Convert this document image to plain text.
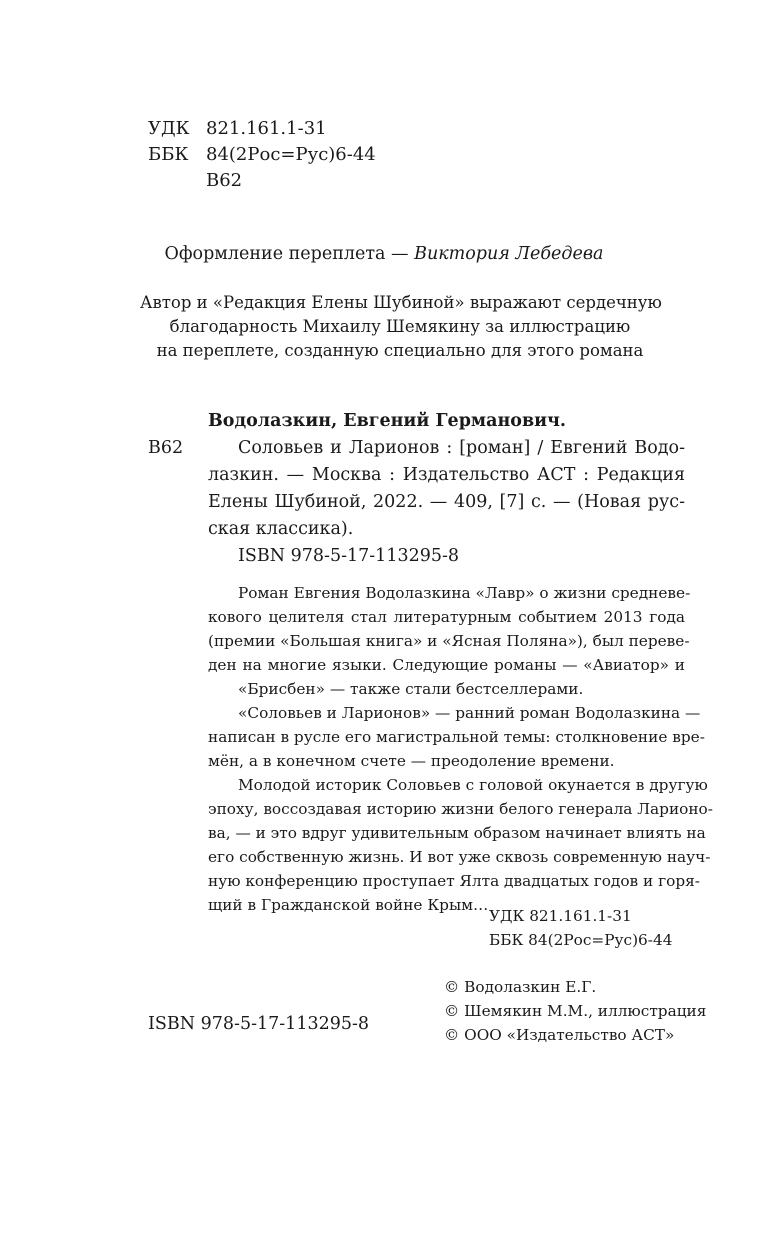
УДК 821.161.1-31
ББК 84(2Рос=Рус)6-44
В62
Оформление переплета — Виктория Лебедева
Автор и «Редакция Елены Шубиной» выражают сердечную
благодарность Михаилу Шемякину за иллюстрацию
на переплете, созданную специально для этого романа
Водолазкин, Евгений Германович.
В62	Соловьев и Ларионов : [роман] / Евгений Водо-
лазкин. — Москва : Издательство АСТ : Редакция
Елены Шубиной, 2022. — 409, [7] с. — (Новая рус-
ская классика).
ISBN 978-5-17-113295-8
Роман Евгения Водолазкина «Лавр» о жизни средневе-
кового целителя стал литературным событием 2013 года
(премии «Большая книга» и «Ясная Поляна»), был переве-
ден на многие языки. Следующие романы — «Авиатор» и
«Брисбен» — также стали бестселлерами.
«Соловьев и Ларионов» — ранний роман Водолазкина —
написан в русле его магистральной темы: столкновение вре-
мён, а в конечном счете — преодоление времени.
Молодой историк Соловьев с головой окунается в другую
эпоху, воссоздавая историю жизни белого генерала Ларионо-
ва, — и это вдруг удивительным образом начинает влиять на
его собственную жизнь. И вот уже сквозь современную науч-
ную конференцию проступает Ялта двадцатых годов и горя-
щий в Гражданской войне Крым…
УДК 821.161.1-31
ББК 84(2Рос=Рус)6-44
© Водолазкин Е.Г.
© Шемякин М.М., иллюстрация
© ООО «Издательство АСТ»
ISBN 978-5-17-113295-8
